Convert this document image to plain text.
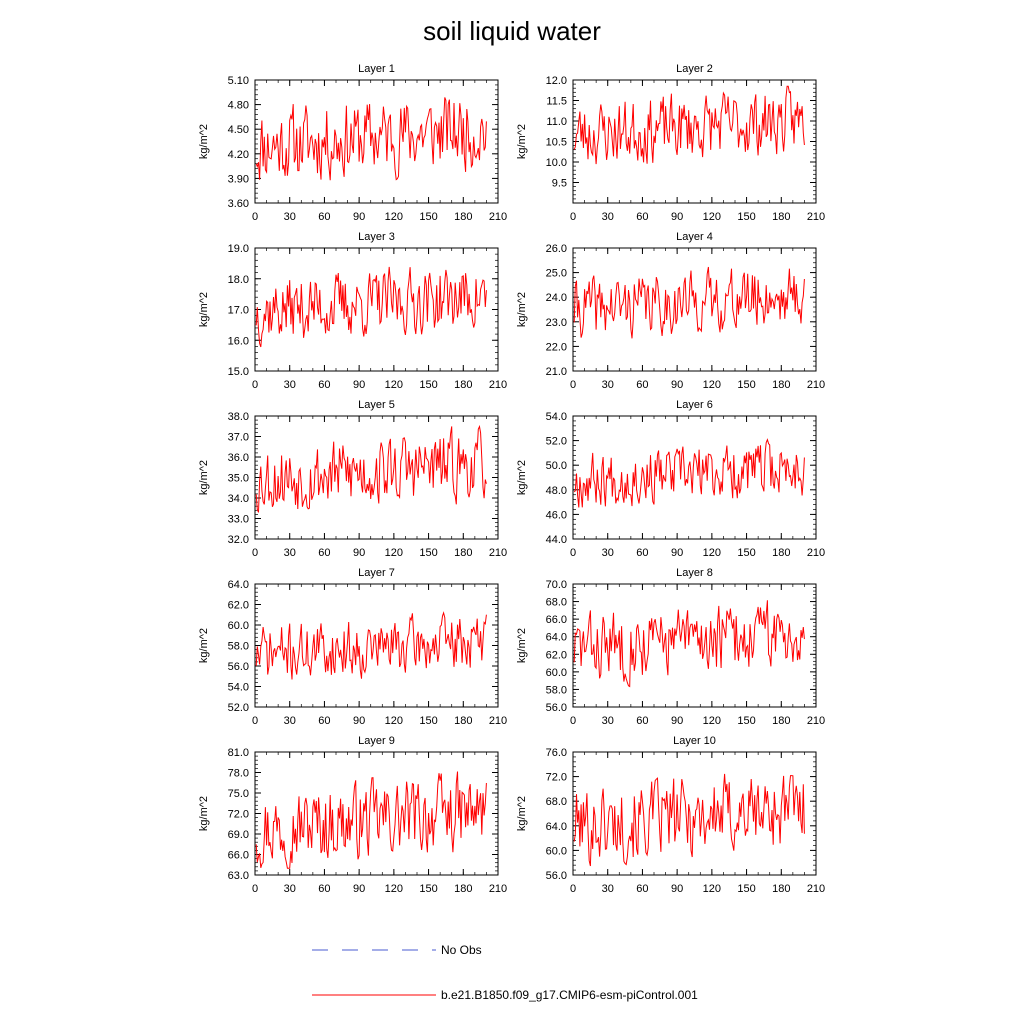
soil liquid water
Layer 1
kg/m^2
0 30 60 90 120 150 180 210
3.60
3.90
4.20
4.50
4.80
5.10
Layer 2
kg/m^2
0 30 60 90 120 150 180 210
9.5
10.0
10.5
11.0
11.5
12.0
Layer 3
kg/m^2
0 30 60 90 120 150 180 210
15.0
16.0
17.0
18.0
19.0
Layer 4
kg/m^2
0 30 60 90 120 150 180 210
21.0
22.0
23.0
24.0
25.0
26.0
Layer 5
kg/m^2
0 30 60 90 120 150 180 210
32.0
33.0
34.0
35.0
36.0
37.0
38.0
Layer 6
kg/m^2
0 30 60 90 120 150 180 210
44.0
46.0
48.0
50.0
52.0
54.0
Layer 7
kg/m^2
0 30 60 90 120 150 180 210
52.0
54.0
56.0
58.0
60.0
62.0
64.0
Layer 8
kg/m^2
0 30 60 90 120 150 180 210
56.0
58.0
60.0
62.0
64.0
66.0
68.0
70.0
Layer 9
kg/m^2
0 30 60 90 120 150 180 210
63.0
66.0
69.0
72.0
75.0
78.0
81.0
Layer 10
kg/m^2
0 30 60 90 120 150 180 210
56.0
60.0
64.0
68.0
72.0
76.0
No Obs
b.e21.B1850.f09_g17.CMIP6-esm-piControl.001
